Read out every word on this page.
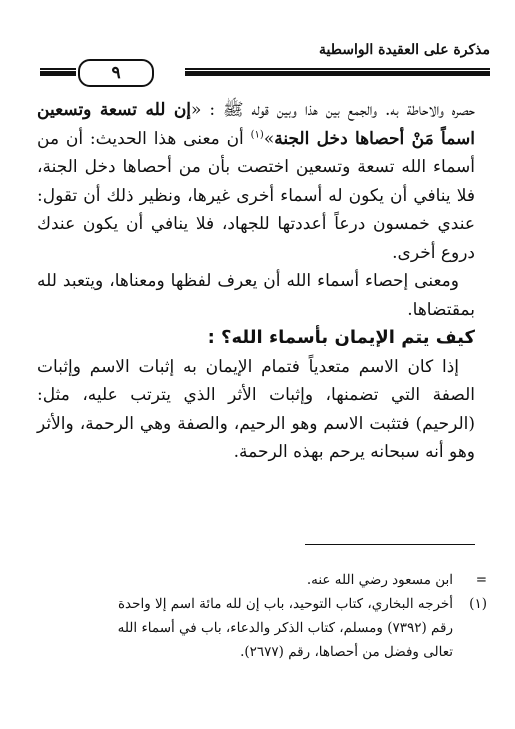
مذكرة على العقيدة الواسطية
٩

حصره والاحاطة به. والجمع بين هذا وبين قوله ﷺ : «إن لله تسعة وتسعين اسماً مَنْ أحصاها دخل الجنة»$^{(١)}$ أن معنى هذا الحديث: أن من أسماء الله تسعة وتسعين اختصت بأن من أحصاها دخل الجنة، فلا ينافي أن يكون له أسماء أخرى غيرها، ونظير ذلك أن تقول: عندي خمسون درعاً أعددتها للجهاد، فلا ينافي أن يكون عندك دروع أخرى.

ومعنى إحصاء أسماء الله أن يعرف لفظها ومعناها، ويتعبد لله بمقتضاها.

كيف يتم الإيمان بأسماء الله؟ :

إذا كان الاسم متعدياً فتمام الإيمان به إثبات الاسم وإثبات الصفة التي تضمنها، وإثبات الأثر الذي يترتب عليه، مثل: (الرحيم) فتثبت الاسم وهو الرحيم، والصفة وهي الرحمة، والأثر وهو أنه سبحانه يرحم بهذه الرحمة.

=
ابن مسعود رضي الله عنه.
(١)
أخرجه البخاري، كتاب التوحيد، باب إن لله مائة اسم إلا واحدة
رقم (٧٣٩٢) ومسلم، كتاب الذكر والدعاء، باب في أسماء الله
تعالى وفضل من أحصاها، رقم (٢٦٧٧).
